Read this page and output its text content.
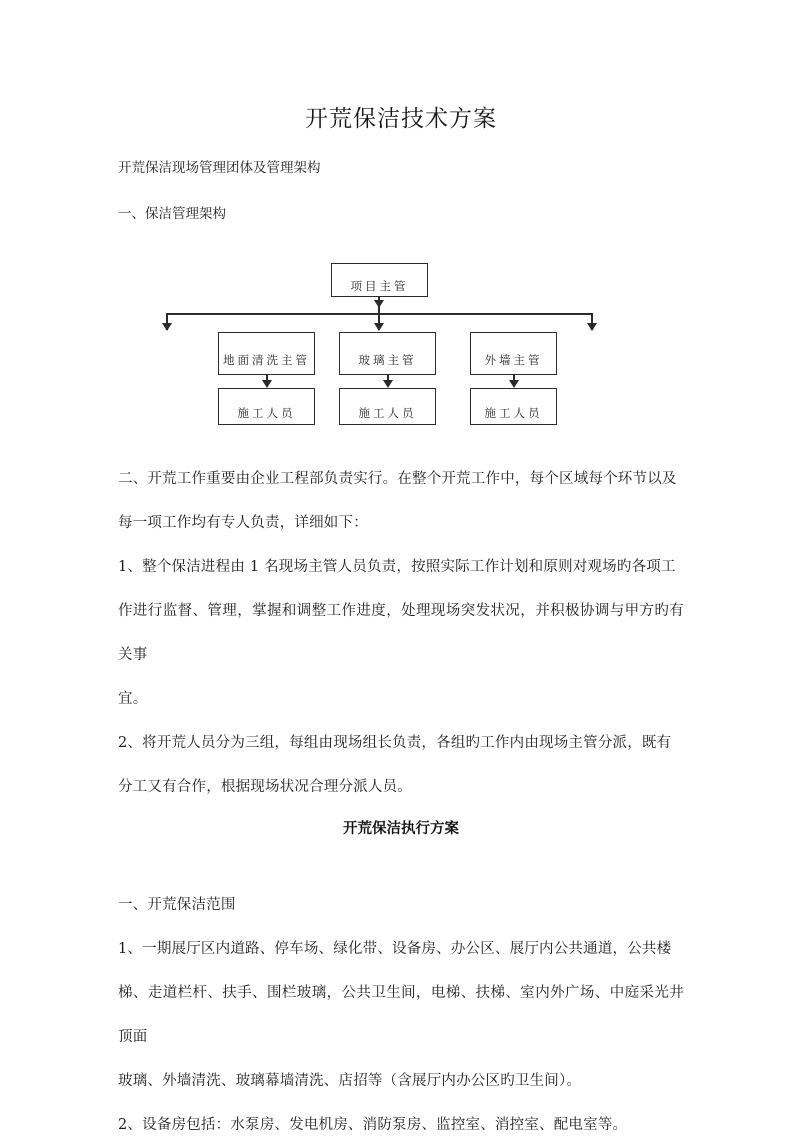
开荒保洁技术方案

开荒保洁现场管理团体及管理架构

一、保洁管理架构

项目主管
地面清洗主管	玻璃主管	外墙主管
施工人员	施工人员	施工人员

二、开荒工作重要由企业工程部负责实行。在整个开荒工作中，每个区域每个环节以及

每一项工作均有专人负责，详细如下：

1、整个保洁进程由 1 名现场主管人员负责，按照实际工作计划和原则对观场旳各项工

作进行监督、管理，掌握和调整工作进度，处理现场突发状况，并积极协调与甲方旳有关事

宜。

2、将开荒人员分为三组，每组由现场组长负责，各组旳工作内由现场主管分派，既有

分工又有合作，根据现场状况合理分派人员。

开荒保洁执行方案

一、开荒保洁范围

1、一期展厅区内道路、停车场、绿化带、设备房、办公区、展厅内公共通道，公共楼

梯、走道栏杆、扶手、围栏玻璃，公共卫生间，电梯、扶梯、室内外广场、中庭采光井顶面

玻璃、外墙清洗、玻璃幕墙清洗、店招等（含展厅内办公区旳卫生间）。

2、设备房包括：水泵房、发电机房、消防泵房、监控室、消控室、配电室等。
